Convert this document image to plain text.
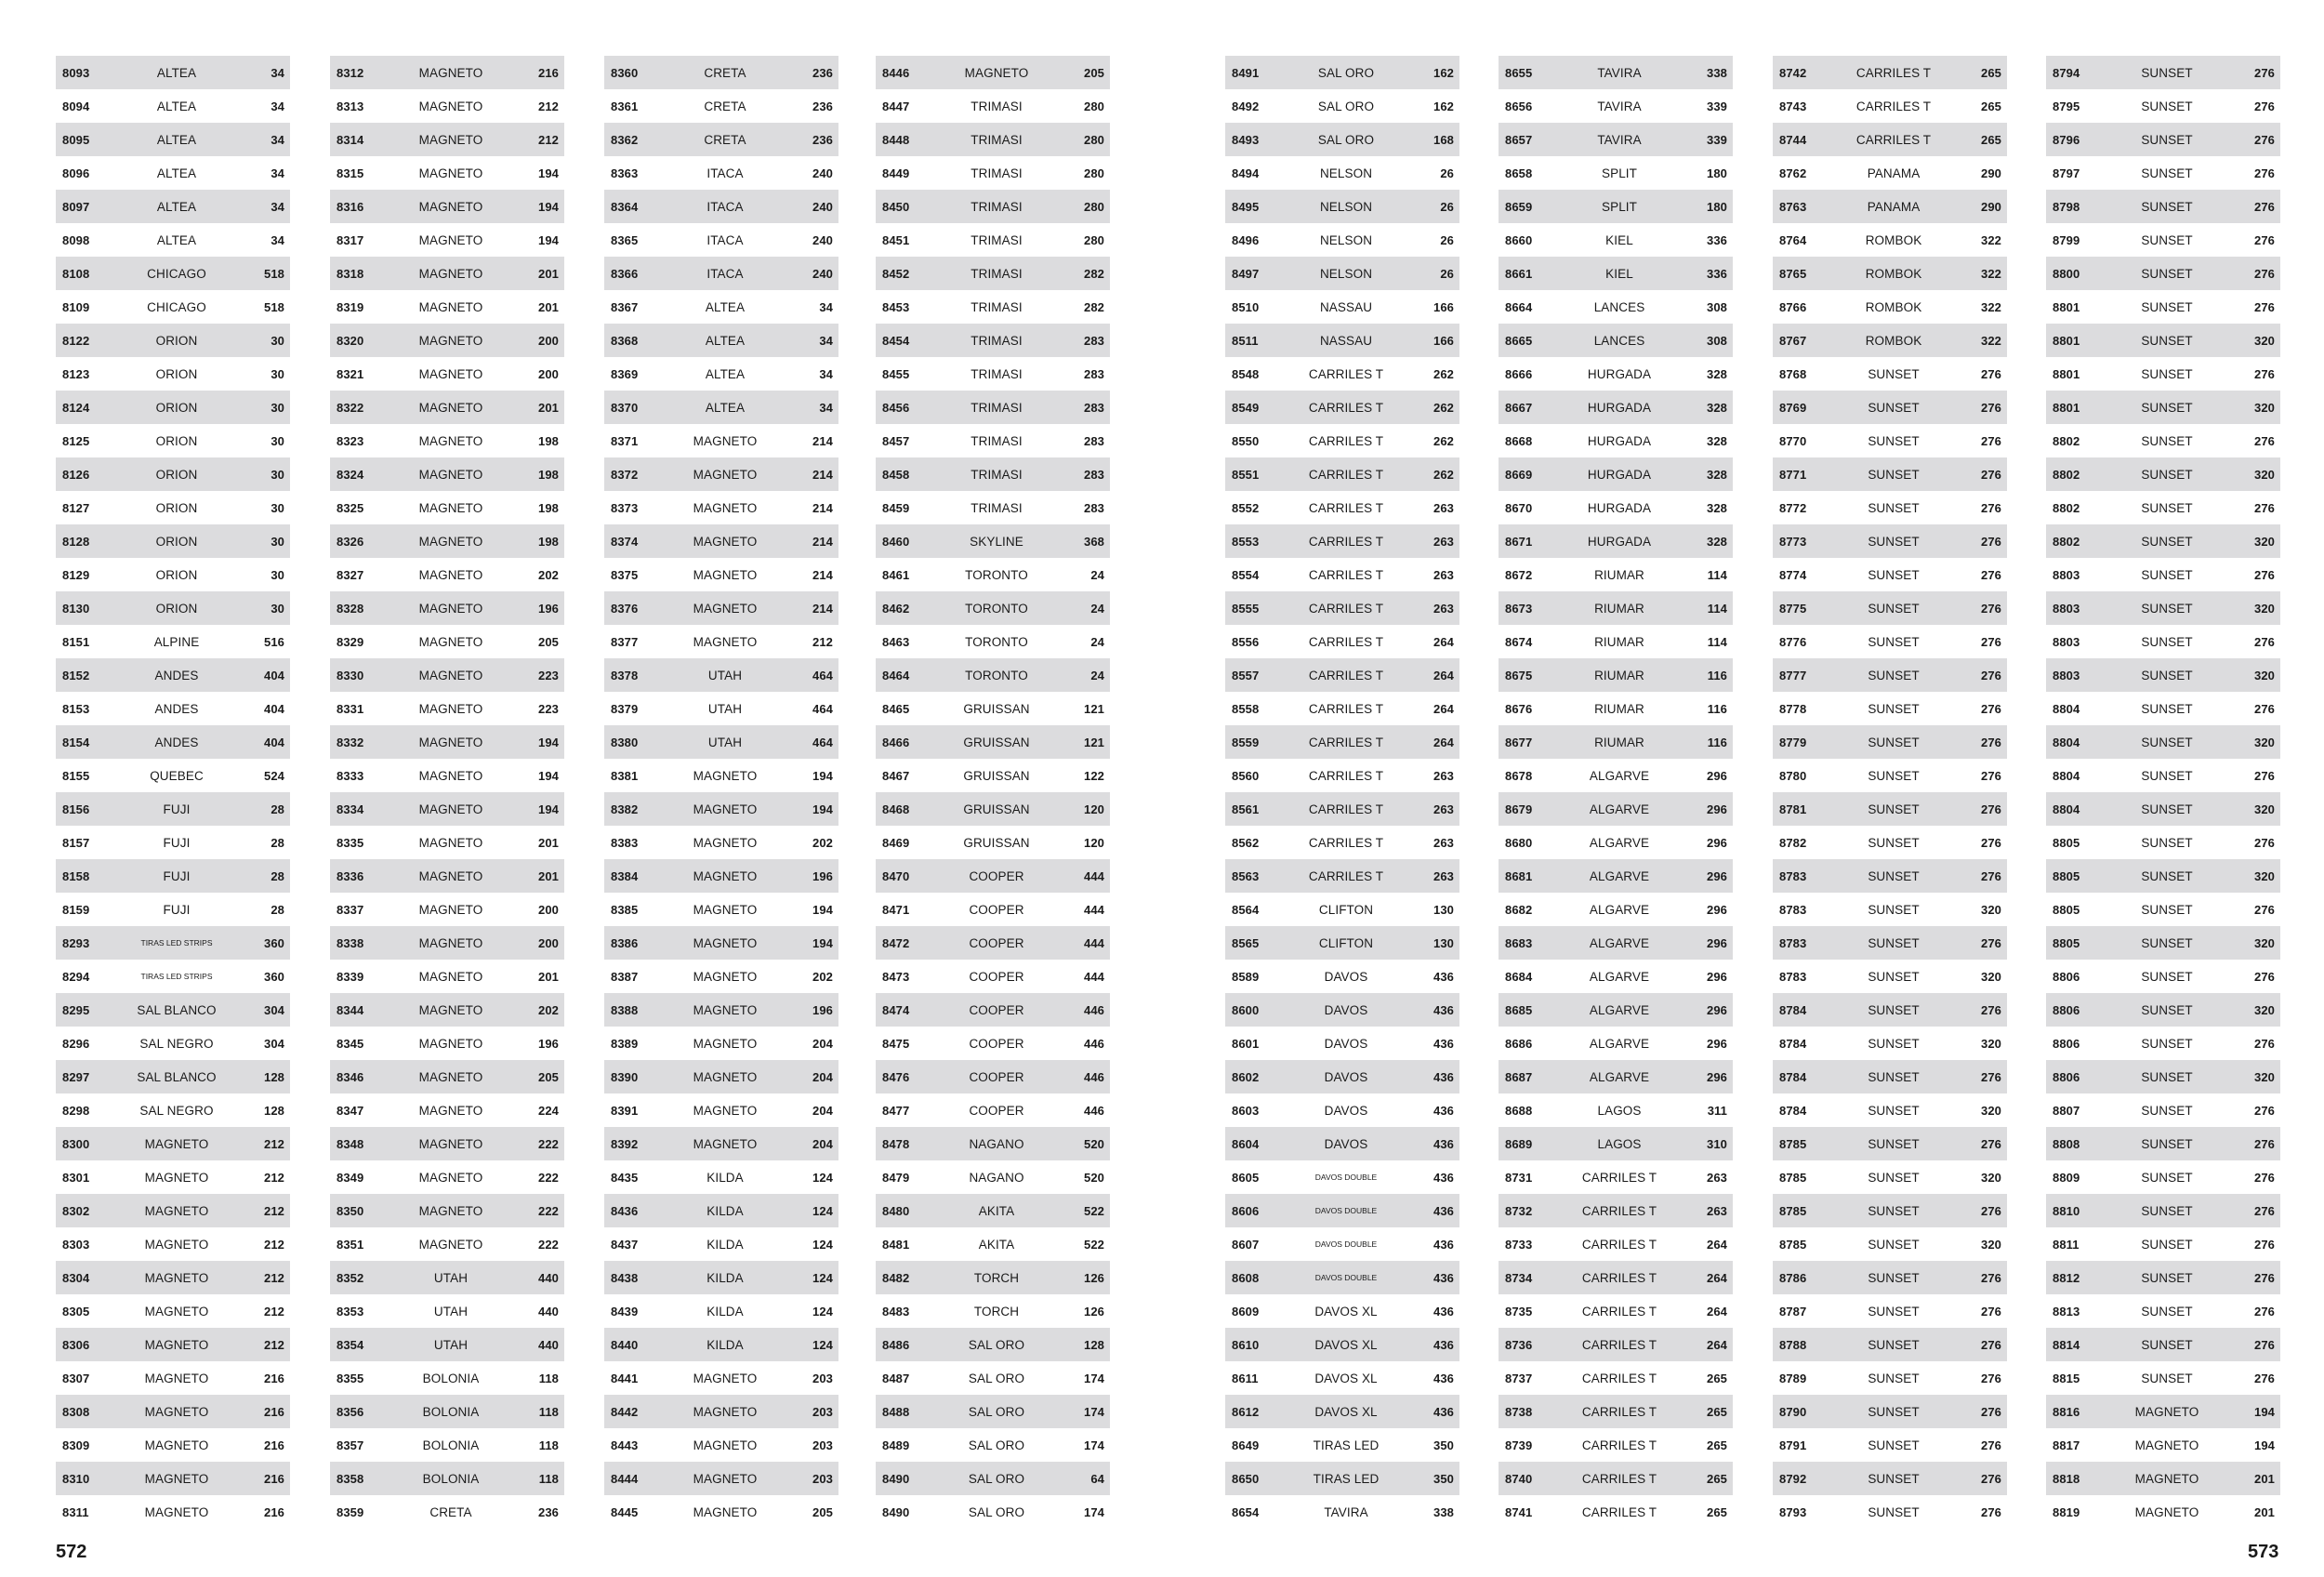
8093	ALTEA	34
8094	ALTEA	34
8095	ALTEA	34
8096	ALTEA	34
8097	ALTEA	34
8098	ALTEA	34
8108	CHICAGO	518
8109	CHICAGO	518
8122	ORION	30
8123	ORION	30
8124	ORION	30
8125	ORION	30
8126	ORION	30
8127	ORION	30
8128	ORION	30
8129	ORION	30
8130	ORION	30
8151	ALPINE	516
8152	ANDES	404
8153	ANDES	404
8154	ANDES	404
8155	QUEBEC	524
8156	FUJI	28
8157	FUJI	28
8158	FUJI	28
8159	FUJI	28
8293	TIRAS LED STRIPS	360
8294	TIRAS LED STRIPS	360
8295	SAL BLANCO	304
8296	SAL NEGRO	304
8297	SAL BLANCO	128
8298	SAL NEGRO	128
8300	MAGNETO	212
8301	MAGNETO	212
8302	MAGNETO	212
8303	MAGNETO	212
8304	MAGNETO	212
8305	MAGNETO	212
8306	MAGNETO	212
8307	MAGNETO	216
8308	MAGNETO	216
8309	MAGNETO	216
8310	MAGNETO	216
8311	MAGNETO	216
8312	MAGNETO	216
8313	MAGNETO	212
8314	MAGNETO	212
8315	MAGNETO	194
8316	MAGNETO	194
8317	MAGNETO	194
8318	MAGNETO	201
8319	MAGNETO	201
8320	MAGNETO	200
8321	MAGNETO	200
8322	MAGNETO	201
8323	MAGNETO	198
8324	MAGNETO	198
8325	MAGNETO	198
8326	MAGNETO	198
8327	MAGNETO	202
8328	MAGNETO	196
8329	MAGNETO	205
8330	MAGNETO	223
8331	MAGNETO	223
8332	MAGNETO	194
8333	MAGNETO	194
8334	MAGNETO	194
8335	MAGNETO	201
8336	MAGNETO	201
8337	MAGNETO	200
8338	MAGNETO	200
8339	MAGNETO	201
8344	MAGNETO	202
8345	MAGNETO	196
8346	MAGNETO	205
8347	MAGNETO	224
8348	MAGNETO	222
8349	MAGNETO	222
8350	MAGNETO	222
8351	MAGNETO	222
8352	UTAH	440
8353	UTAH	440
8354	UTAH	440
8355	BOLONIA	118
8356	BOLONIA	118
8357	BOLONIA	118
8358	BOLONIA	118
8359	CRETA	236
8360	CRETA	236
8361	CRETA	236
8362	CRETA	236
8363	ITACA	240
8364	ITACA	240
8365	ITACA	240
8366	ITACA	240
8367	ALTEA	34
8368	ALTEA	34
8369	ALTEA	34
8370	ALTEA	34
8371	MAGNETO	214
8372	MAGNETO	214
8373	MAGNETO	214
8374	MAGNETO	214
8375	MAGNETO	214
8376	MAGNETO	214
8377	MAGNETO	212
8378	UTAH	464
8379	UTAH	464
8380	UTAH	464
8381	MAGNETO	194
8382	MAGNETO	194
8383	MAGNETO	202
8384	MAGNETO	196
8385	MAGNETO	194
8386	MAGNETO	194
8387	MAGNETO	202
8388	MAGNETO	196
8389	MAGNETO	204
8390	MAGNETO	204
8391	MAGNETO	204
8392	MAGNETO	204
8435	KILDA	124
8436	KILDA	124
8437	KILDA	124
8438	KILDA	124
8439	KILDA	124
8440	KILDA	124
8441	MAGNETO	203
8442	MAGNETO	203
8443	MAGNETO	203
8444	MAGNETO	203
8445	MAGNETO	205
8446	MAGNETO	205
8447	TRIMASI	280
8448	TRIMASI	280
8449	TRIMASI	280
8450	TRIMASI	280
8451	TRIMASI	280
8452	TRIMASI	282
8453	TRIMASI	282
8454	TRIMASI	283
8455	TRIMASI	283
8456	TRIMASI	283
8457	TRIMASI	283
8458	TRIMASI	283
8459	TRIMASI	283
8460	SKYLINE	368
8461	TORONTO	24
8462	TORONTO	24
8463	TORONTO	24
8464	TORONTO	24
8465	GRUISSAN	121
8466	GRUISSAN	121
8467	GRUISSAN	122
8468	GRUISSAN	120
8469	GRUISSAN	120
8470	COOPER	444
8471	COOPER	444
8472	COOPER	444
8473	COOPER	444
8474	COOPER	446
8475	COOPER	446
8476	COOPER	446
8477	COOPER	446
8478	NAGANO	520
8479	NAGANO	520
8480	AKITA	522
8481	AKITA	522
8482	TORCH	126
8483	TORCH	126
8486	SAL ORO	128
8487	SAL ORO	174
8488	SAL ORO	174
8489	SAL ORO	174
8490	SAL ORO	64
8490	SAL ORO	174
8491	SAL ORO	162
8492	SAL ORO	162
8493	SAL ORO	168
8494	NELSON	26
8495	NELSON	26
8496	NELSON	26
8497	NELSON	26
8510	NASSAU	166
8511	NASSAU	166
8548	CARRILES T	262
8549	CARRILES T	262
8550	CARRILES T	262
8551	CARRILES T	262
8552	CARRILES T	263
8553	CARRILES T	263
8554	CARRILES T	263
8555	CARRILES T	263
8556	CARRILES T	264
8557	CARRILES T	264
8558	CARRILES T	264
8559	CARRILES T	264
8560	CARRILES T	263
8561	CARRILES T	263
8562	CARRILES T	263
8563	CARRILES T	263
8564	CLIFTON	130
8565	CLIFTON	130
8589	DAVOS	436
8600	DAVOS	436
8601	DAVOS	436
8602	DAVOS	436
8603	DAVOS	436
8604	DAVOS	436
8605	DAVOS DOUBLE	436
8606	DAVOS DOUBLE	436
8607	DAVOS DOUBLE	436
8608	DAVOS DOUBLE	436
8609	DAVOS XL	436
8610	DAVOS XL	436
8611	DAVOS XL	436
8612	DAVOS XL	436
8649	TIRAS LED	350
8650	TIRAS LED	350
8654	TAVIRA	338
8655	TAVIRA	338
8656	TAVIRA	339
8657	TAVIRA	339
8658	SPLIT	180
8659	SPLIT	180
8660	KIEL	336
8661	KIEL	336
8664	LANCES	308
8665	LANCES	308
8666	HURGADA	328
8667	HURGADA	328
8668	HURGADA	328
8669	HURGADA	328
8670	HURGADA	328
8671	HURGADA	328
8672	RIUMAR	114
8673	RIUMAR	114
8674	RIUMAR	114
8675	RIUMAR	116
8676	RIUMAR	116
8677	RIUMAR	116
8678	ALGARVE	296
8679	ALGARVE	296
8680	ALGARVE	296
8681	ALGARVE	296
8682	ALGARVE	296
8683	ALGARVE	296
8684	ALGARVE	296
8685	ALGARVE	296
8686	ALGARVE	296
8687	ALGARVE	296
8688	LAGOS	311
8689	LAGOS	310
8731	CARRILES T	263
8732	CARRILES T	263
8733	CARRILES T	264
8734	CARRILES T	264
8735	CARRILES T	264
8736	CARRILES T	264
8737	CARRILES T	265
8738	CARRILES T	265
8739	CARRILES T	265
8740	CARRILES T	265
8741	CARRILES T	265
8742	CARRILES T	265
8743	CARRILES T	265
8744	CARRILES T	265
8762	PANAMA	290
8763	PANAMA	290
8764	ROMBOK	322
8765	ROMBOK	322
8766	ROMBOK	322
8767	ROMBOK	322
8768	SUNSET	276
8769	SUNSET	276
8770	SUNSET	276
8771	SUNSET	276
8772	SUNSET	276
8773	SUNSET	276
8774	SUNSET	276
8775	SUNSET	276
8776	SUNSET	276
8777	SUNSET	276
8778	SUNSET	276
8779	SUNSET	276
8780	SUNSET	276
8781	SUNSET	276
8782	SUNSET	276
8783	SUNSET	276
8783	SUNSET	320
8783	SUNSET	276
8783	SUNSET	320
8784	SUNSET	276
8784	SUNSET	320
8784	SUNSET	276
8784	SUNSET	320
8785	SUNSET	276
8785	SUNSET	320
8785	SUNSET	276
8785	SUNSET	320
8786	SUNSET	276
8787	SUNSET	276
8788	SUNSET	276
8789	SUNSET	276
8790	SUNSET	276
8791	SUNSET	276
8792	SUNSET	276
8793	SUNSET	276
8794	SUNSET	276
8795	SUNSET	276
8796	SUNSET	276
8797	SUNSET	276
8798	SUNSET	276
8799	SUNSET	276
8800	SUNSET	276
8801	SUNSET	276
8801	SUNSET	320
8801	SUNSET	276
8801	SUNSET	320
8802	SUNSET	276
8802	SUNSET	320
8802	SUNSET	276
8802	SUNSET	320
8803	SUNSET	276
8803	SUNSET	320
8803	SUNSET	276
8803	SUNSET	320
8804	SUNSET	276
8804	SUNSET	320
8804	SUNSET	276
8804	SUNSET	320
8805	SUNSET	276
8805	SUNSET	320
8805	SUNSET	276
8805	SUNSET	320
8806	SUNSET	276
8806	SUNSET	320
8806	SUNSET	276
8806	SUNSET	320
8807	SUNSET	276
8808	SUNSET	276
8809	SUNSET	276
8810	SUNSET	276
8811	SUNSET	276
8812	SUNSET	276
8813	SUNSET	276
8814	SUNSET	276
8815	SUNSET	276
8816	MAGNETO	194
8817	MAGNETO	194
8818	MAGNETO	201
8819	MAGNETO	201
572	573
